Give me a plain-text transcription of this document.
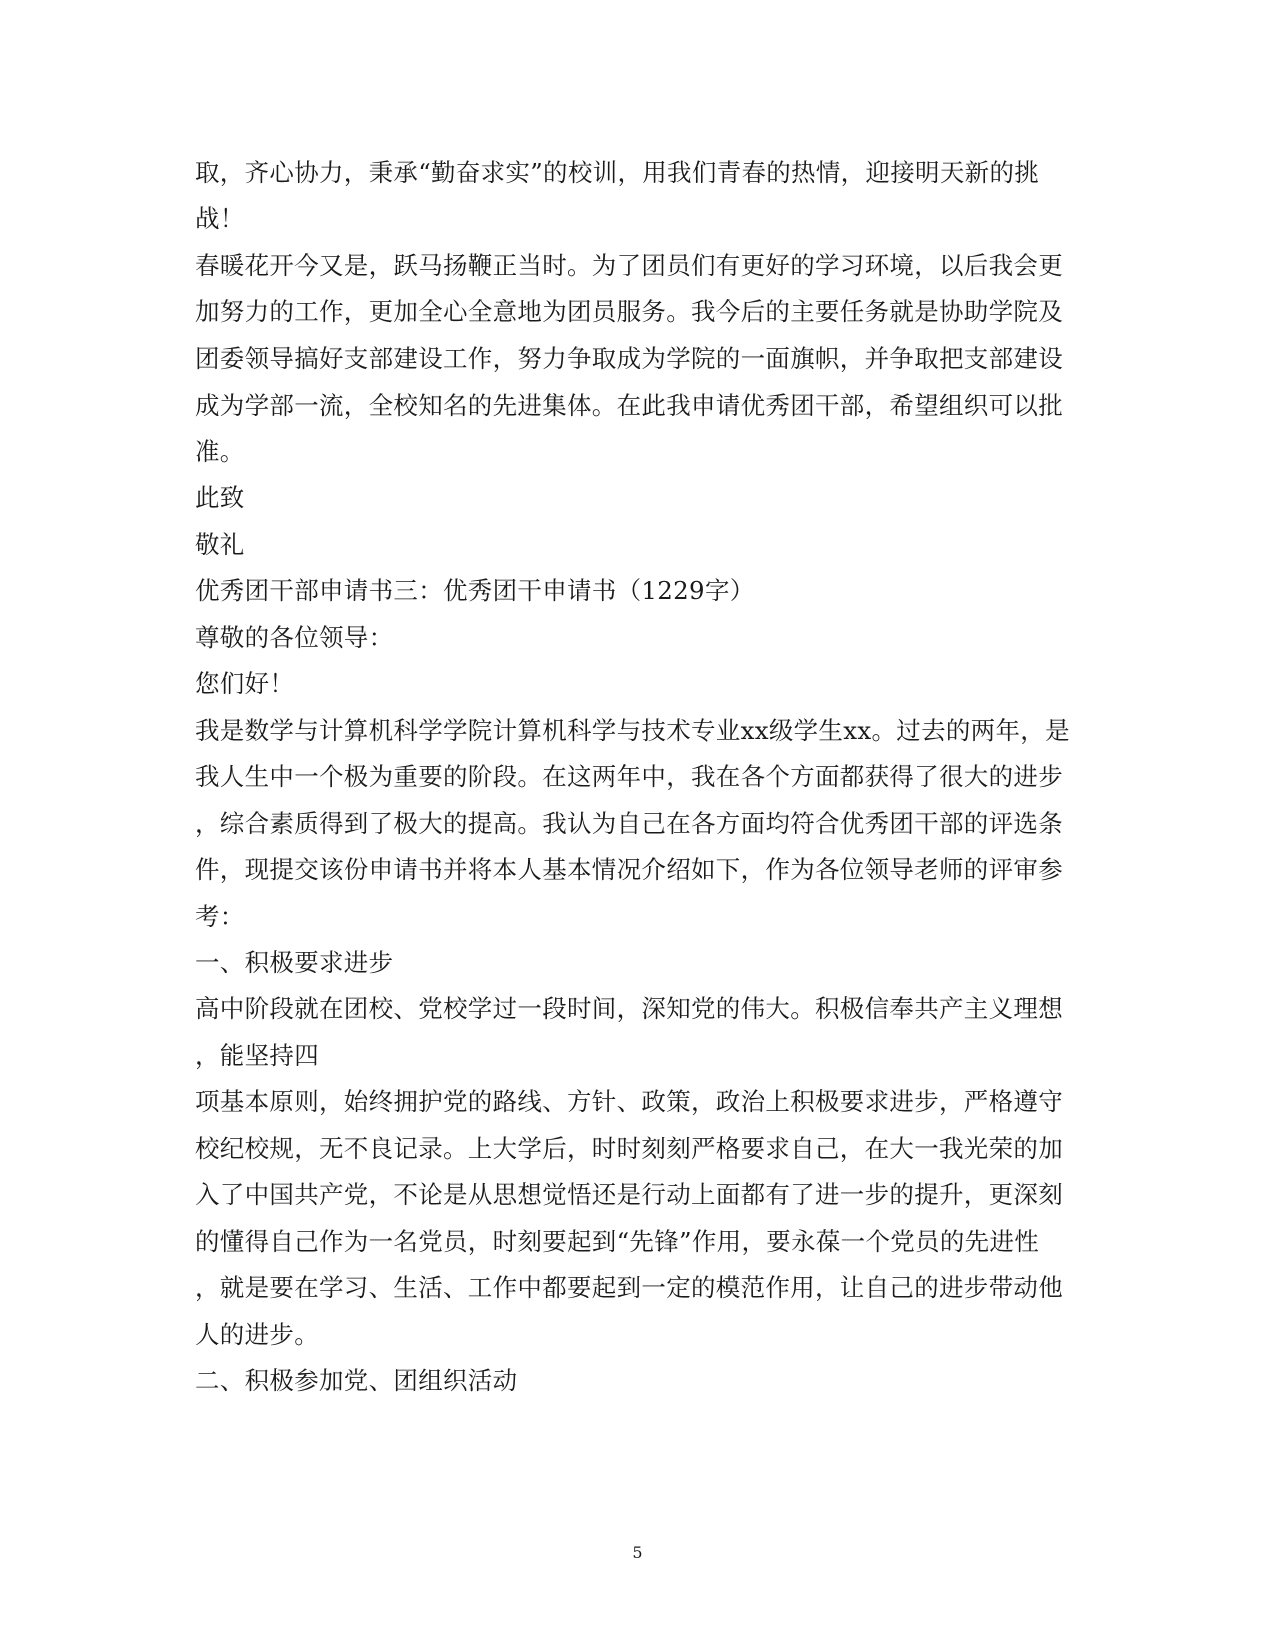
取，齐心协力，秉承“勤奋求实”的校训，用我们青春的热情，迎接明天新的挑
战！
春暖花开今又是，跃马扬鞭正当时。为了团员们有更好的学习环境，以后我会更
加努力的工作，更加全心全意地为团员服务。我今后的主要任务就是协助学院及
团委领导搞好支部建设工作，努力争取成为学院的一面旗帜，并争取把支部建设
成为学部一流，全校知名的先进集体。在此我申请优秀团干部，希望组织可以批
准。
此致
敬礼
优秀团干部申请书三：优秀团干申请书（1229字）
尊敬的各位领导：
您们好！
我是数学与计算机科学学院计算机科学与技术专业xx级学生xx。过去的两年，是
我人生中一个极为重要的阶段。在这两年中，我在各个方面都获得了很大的进步
，综合素质得到了极大的提高。我认为自己在各方面均符合优秀团干部的评选条
件，现提交该份申请书并将本人基本情况介绍如下，作为各位领导老师的评审参
考：
一、积极要求进步
高中阶段就在团校、党校学过一段时间，深知党的伟大。积极信奉共产主义理想
，能坚持四
项基本原则，始终拥护党的路线、方针、政策，政治上积极要求进步，严格遵守
校纪校规，无不良记录。上大学后，时时刻刻严格要求自己，在大一我光荣的加
入了中国共产党，不论是从思想觉悟还是行动上面都有了进一步的提升，更深刻
的懂得自己作为一名党员，时刻要起到“先锋”作用，要永葆一个党员的先进性
，就是要在学习、生活、工作中都要起到一定的模范作用，让自己的进步带动他
人的进步。
二、积极参加党、团组织活动
5
